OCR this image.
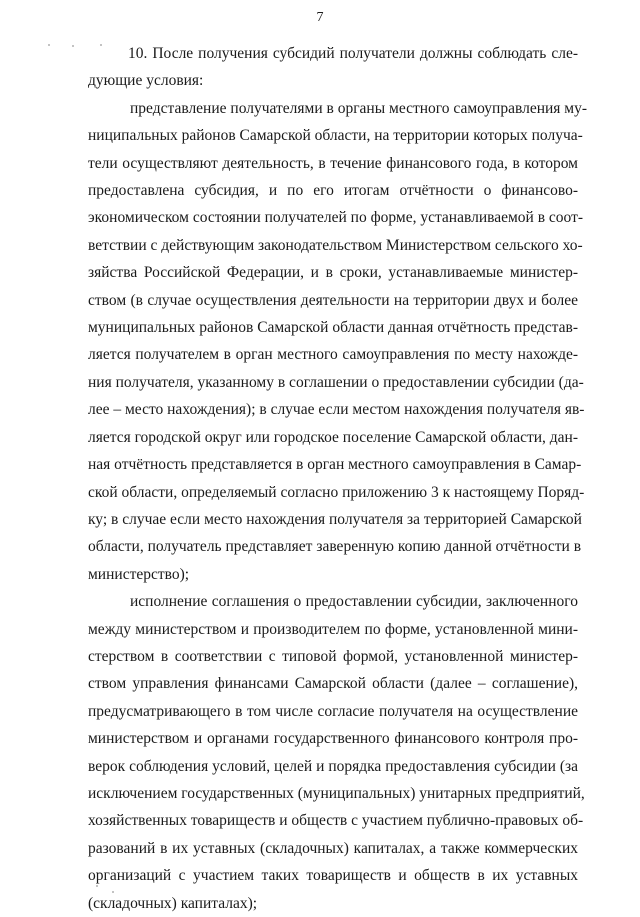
7
10. После получения субсидий получатели должны соблюдать сле-
дующие условия:
представление получателями в органы местного самоуправления му-
ниципальных районов Самарской области, на территории которых получа-
тели осуществляют деятельность, в течение финансового года, в котором
предоставлена субсидия, и по его итогам отчётности о финансово-
экономическом состоянии получателей по форме, устанавливаемой в соот-
ветствии с действующим законодательством Министерством сельского хо-
зяйства Российской Федерации, и в сроки, устанавливаемые министер-
ством (в случае осуществления деятельности на территории двух и более
муниципальных районов Самарской области данная отчётность представ-
ляется получателем в орган местного самоуправления по месту нахожде-
ния получателя, указанному в соглашении о предоставлении субсидии (да-
лее – место нахождения); в случае если местом нахождения получателя яв-
ляется городской округ или городское поселение Самарской области, дан-
ная отчётность представляется в орган местного самоуправления в Самар-
ской области, определяемый согласно приложению 3 к настоящему Поряд-
ку; в случае если место нахождения получателя за территорией Самарской
области, получатель представляет заверенную копию данной отчётности в
министерство);
исполнение соглашения о предоставлении субсидии, заключенного
между министерством и производителем по форме, установленной мини-
стерством в соответствии с типовой формой, установленной министер-
ством управления финансами Самарской области (далее – соглашение),
предусматривающего в том числе согласие получателя на осуществление
министерством и органами государственного финансового контроля про-
верок соблюдения условий, целей и порядка предоставления субсидии (за
исключением государственных (муниципальных) унитарных предприятий,
хозяйственных товариществ и обществ с участием публично-правовых об-
разований в их уставных (складочных) капиталах, а также коммерческих
организаций с участием таких товариществ и обществ в их уставных
(складочных) капиталах);
